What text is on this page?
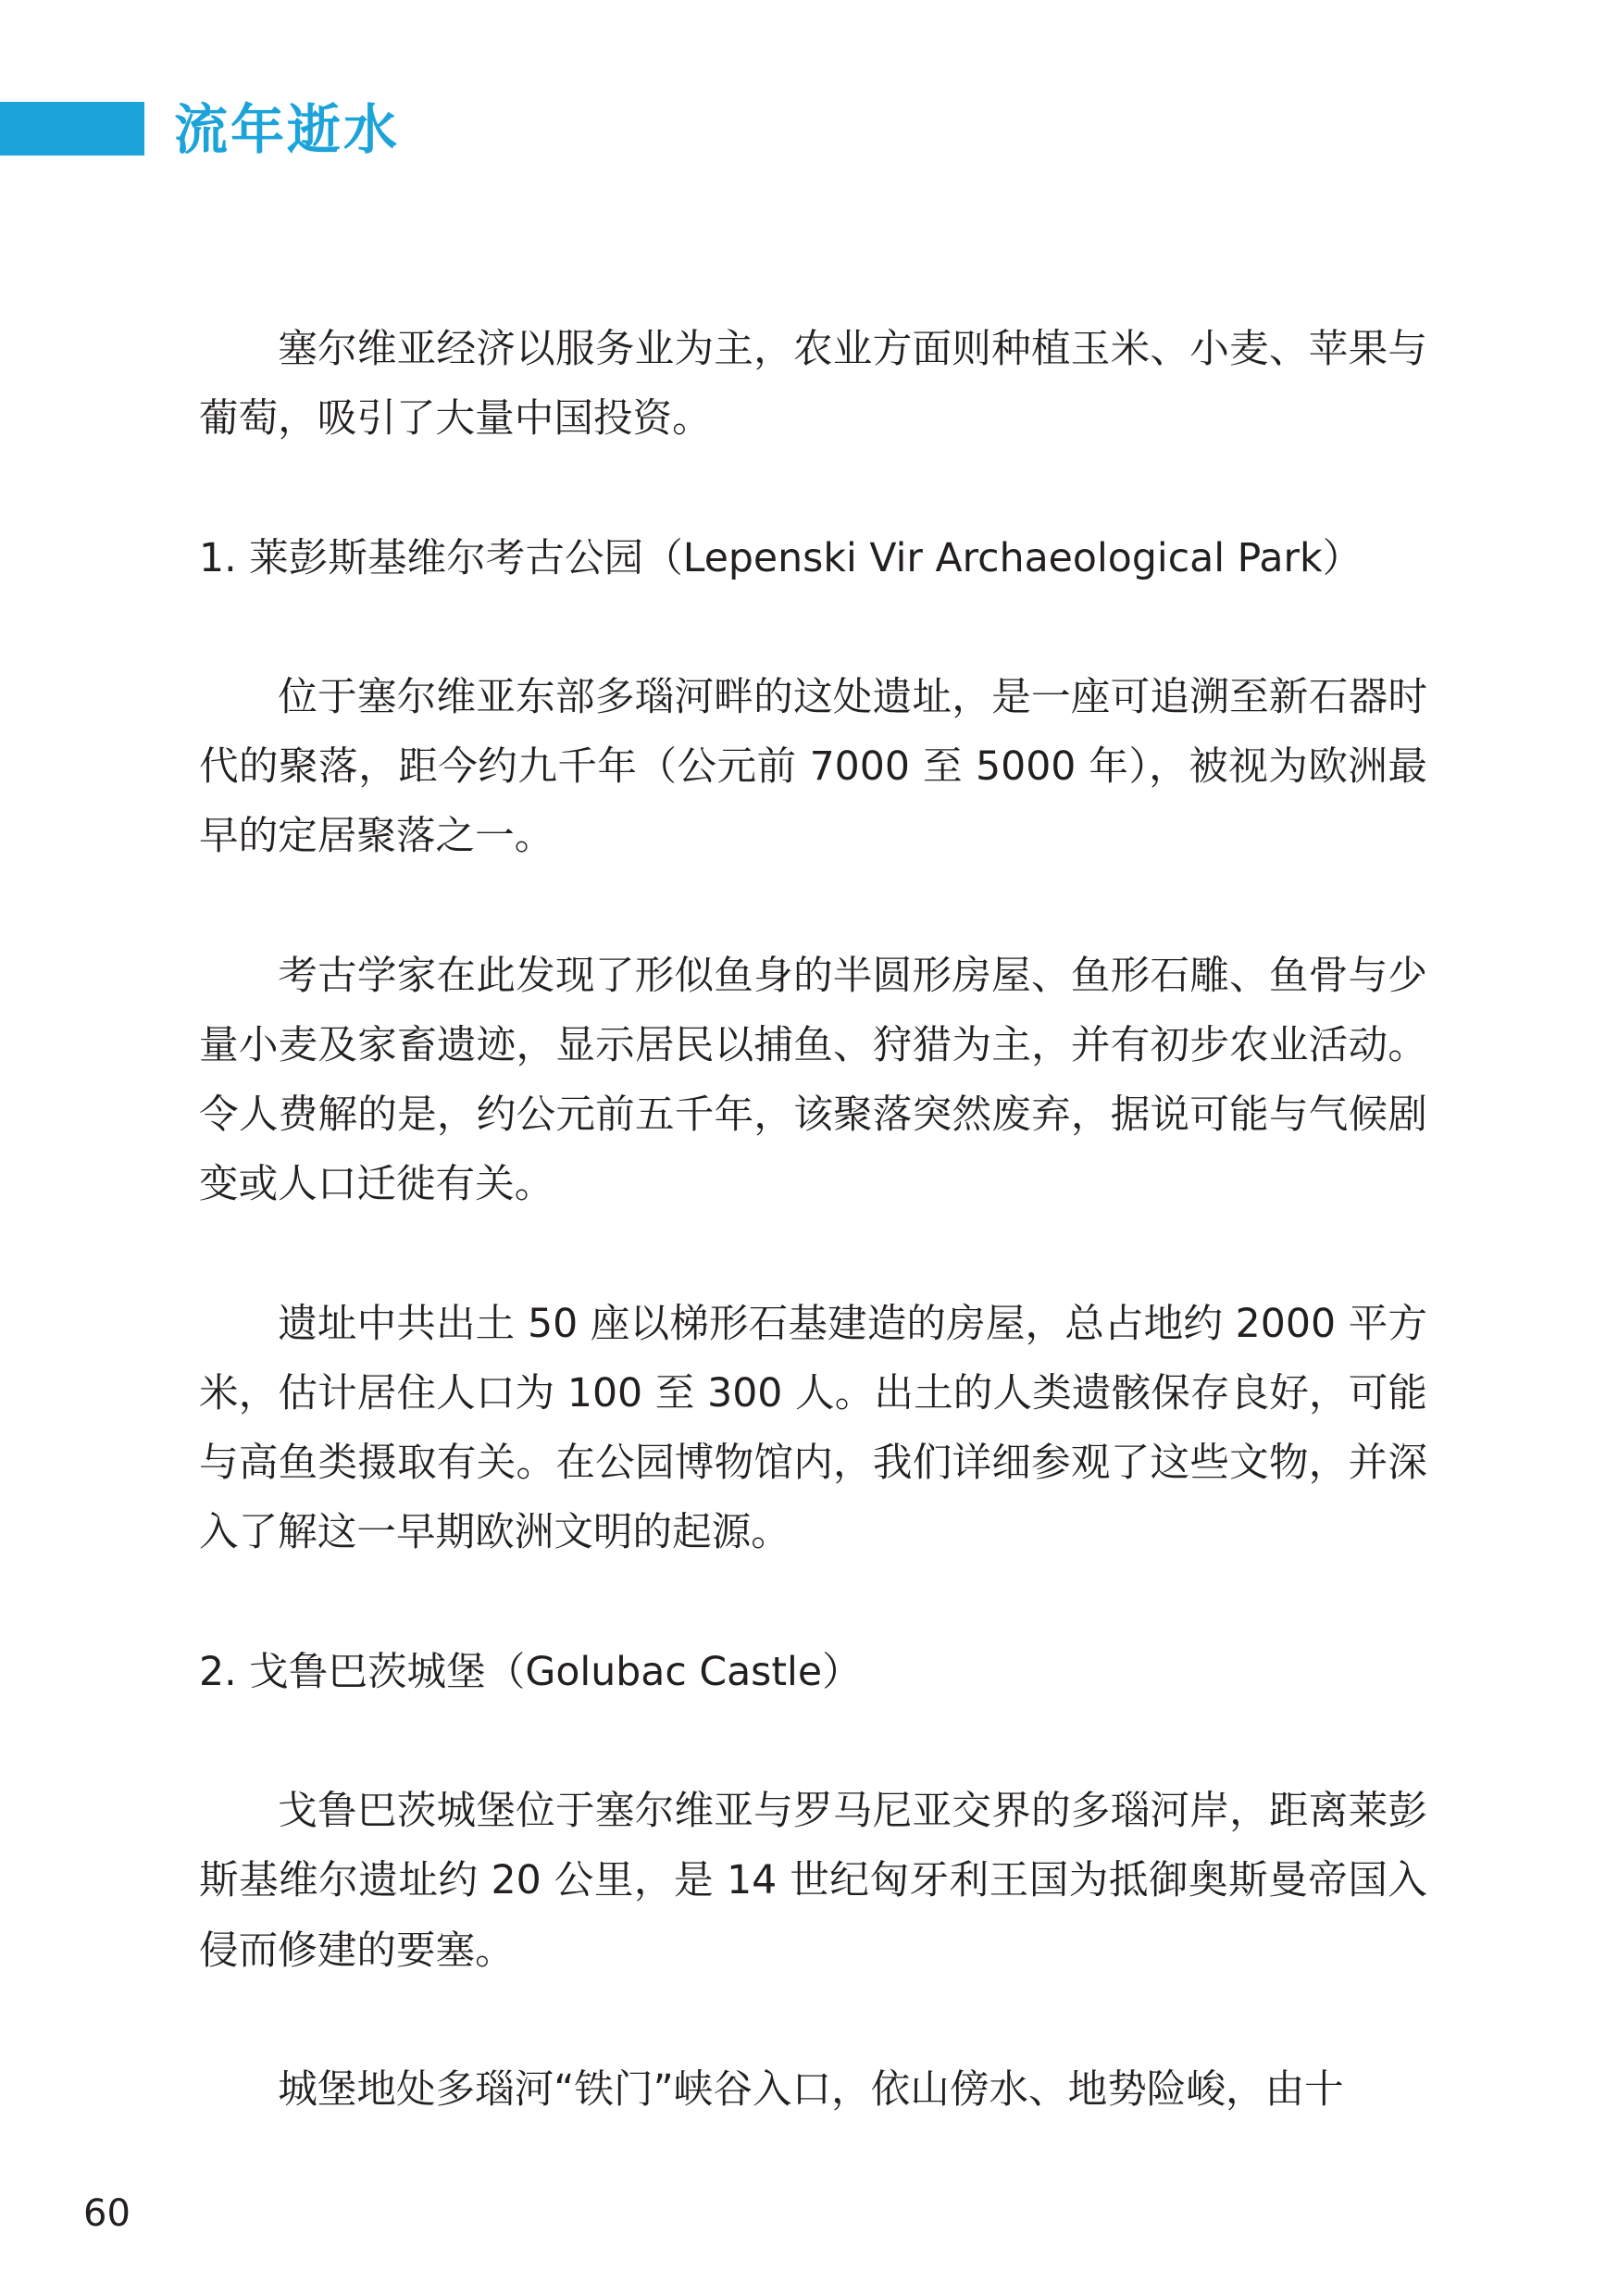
流年逝水

塞尔维亚经济以服务业为主，农业方面则种植玉米、小麦、苹果与葡萄，吸引了大量中国投资。

1. 莱彭斯基维尔考古公园（Lepenski Vir Archaeological Park）

位于塞尔维亚东部多瑙河畔的这处遗址，是一座可追溯至新石器时代的聚落，距今约九千年（公元前 7000 至 5000 年），被视为欧洲最早的定居聚落之一。

考古学家在此发现了形似鱼身的半圆形房屋、鱼形石雕、鱼骨与少量小麦及家畜遗迹，显示居民以捕鱼、狩猎为主，并有初步农业活动。令人费解的是，约公元前五千年，该聚落突然废弃，据说可能与气候剧变或人口迁徙有关。

遗址中共出土 50 座以梯形石基建造的房屋，总占地约 2000 平方米，估计居住人口为 100 至 300 人。出土的人类遗骸保存良好，可能与高鱼类摄取有关。在公园博物馆内，我们详细参观了这些文物，并深入了解这一早期欧洲文明的起源。

2. 戈鲁巴茨城堡（Golubac Castle）

戈鲁巴茨城堡位于塞尔维亚与罗马尼亚交界的多瑙河岸，距离莱彭斯基维尔遗址约 20 公里，是 14 世纪匈牙利王国为抵御奥斯曼帝国入侵而修建的要塞。

城堡地处多瑙河“铁门”峡谷入口，依山傍水、地势险峻，由十

60
